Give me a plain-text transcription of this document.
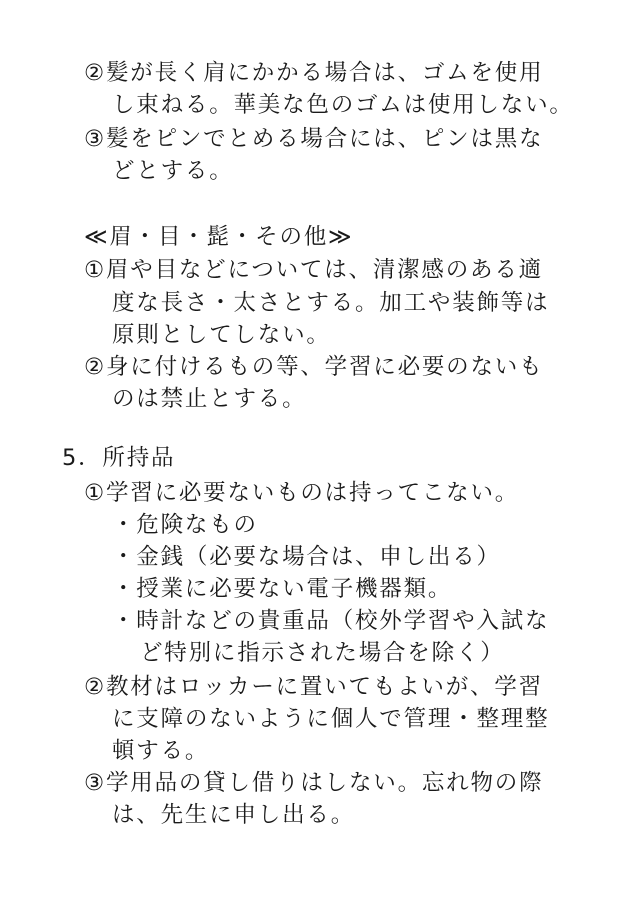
②髪が長く肩にかかる場合は、ゴムを使用
し束ねる。華美な色のゴムは使用しない。
③髪をピンでとめる場合には、ピンは黒な
どとする。
≪眉・目・髭・その他≫
①眉や目などについては、清潔感のある適
度な長さ・太さとする。加工や装飾等は
原則としてしない。
②身に付けるもの等、学習に必要のないも
のは禁止とする。
5．所持品
①学習に必要ないものは持ってこない。
・危険なもの
・金銭（必要な場合は、申し出る）
・授業に必要ない電子機器類。
・時計などの貴重品（校外学習や入試な
ど特別に指示された場合を除く）
②教材はロッカーに置いてもよいが、学習
に支障のないように個人で管理・整理整
頓する。
③学用品の貸し借りはしない。忘れ物の際
は、先生に申し出る。
